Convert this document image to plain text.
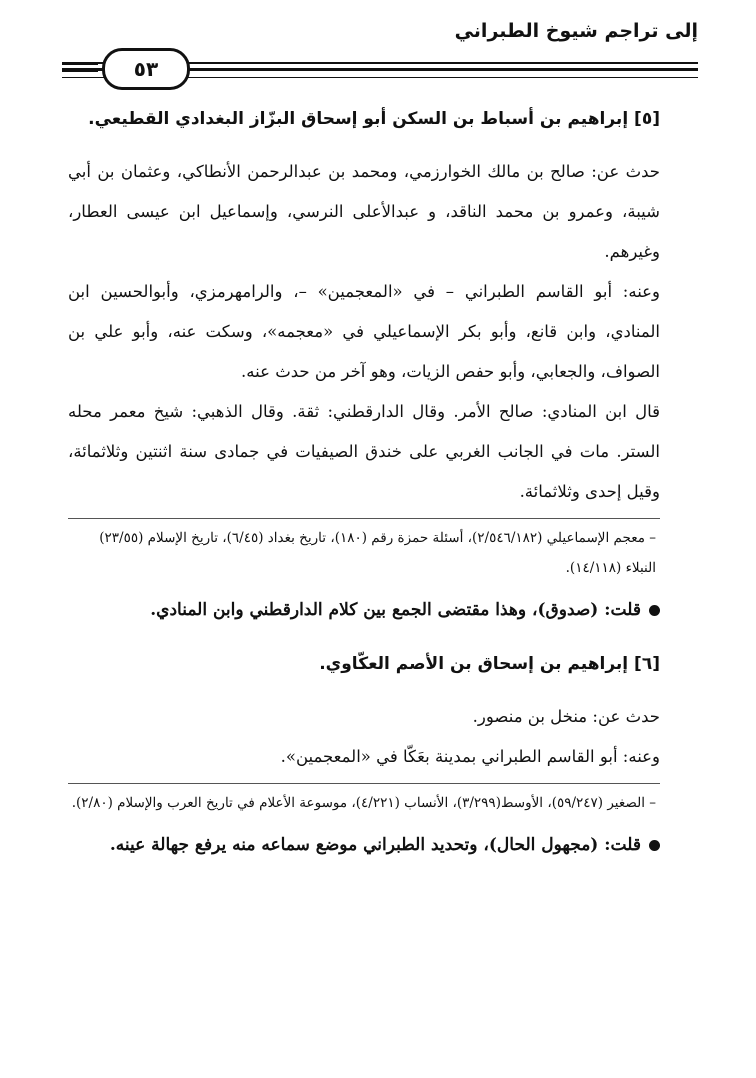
إلى تراجم شيوخ الطبراني
٥٣
[٥] إبراهيم بن أسباط بن السكن أبو إسحاق البزّاز البغدادي القطيعي.

حدث عن: صالح بن مالك الخوارزمي، ومحمد بن عبدالرحمن الأنطاكي، وعثمان بن أبي شيبة، وعمرو بن محمد الناقد، و عبدالأعلى النرسي، وإسماعيل ابن عيسى العطار، وغيرهم.

وعنه: أبو القاسم الطبراني – في «المعجمين» –، والرامهرمزي، وأبوالحسين ابن المنادي، وابن قانع، وأبو بكر الإسماعيلي في «معجمه»، وسكت عنه، وأبو علي بن الصواف، والجعابي، وأبو حفص الزيات، وهو آخر من حدث عنه.

قال ابن المنادي: صالح الأمر. وقال الدارقطني: ثقة. وقال الذهبي: شيخ معمر محله الستر. مات في الجانب الغربي على خندق الصيفيات في جمادى سنة اثنتين وثلاثمائة، وقيل إحدى وثلاثمائة.

– معجم الإسماعيلي (٢/٥٤٦/١٨٢)، أسئلة حمزة رقم (١٨٠)، تاريخ بغداد (٦/٤٥)، تاريخ الإسلام (٢٣/٥٥) النبلاء (١٤/١١٨).

قلت: (صدوق)، وهذا مقتضى الجمع بين كلام الدارقطني وابن المنادي.

[٦] إبراهيم بن إسحاق بن الأصم العكّاوي.

حدث عن: منخل بن منصور.

وعنه: أبو القاسم الطبراني بمدينة بعَكّا في «المعجمين».

– الصغير (٥٩/٢٤٧)، الأوسط(٣/٢٩٩)، الأنساب (٤/٢٢١)، موسوعة الأعلام في تاريخ العرب والإسلام (٢/٨٠).

قلت: (مجهول الحال)، وتحديد الطبراني موضع سماعه منه يرفع جهالة عينه.
